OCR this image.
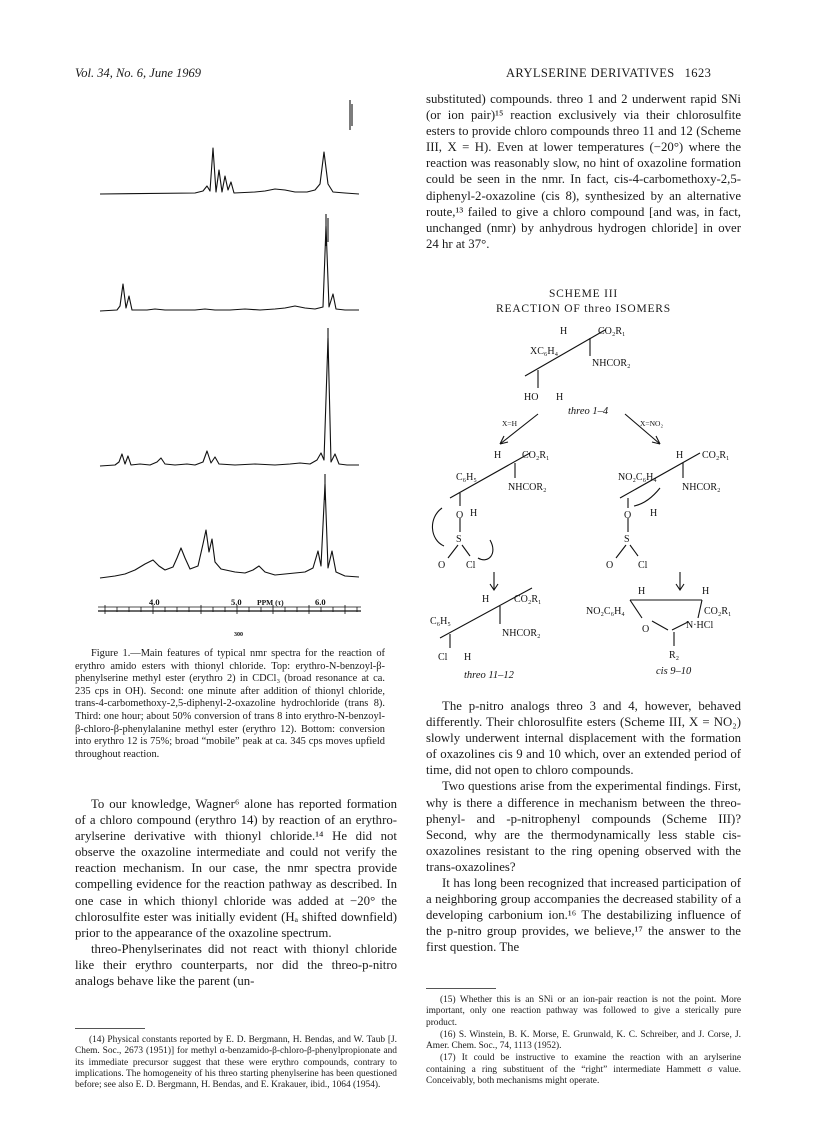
Vol. 34, No. 6, June 1969	ARYLSERINE DERIVATIVES 1623
4.0	5.0 PPM (τ)	6.0
300

Figure 1.—Main features of typical nmr spectra for the reaction of erythro amido esters with thionyl chloride. Top: erythro-N-benzoyl-β-phenylserine methyl ester (erythro 2) in CDCl₃ (broad resonance at ca. 235 cps in OH). Second: one minute after addition of thionyl chloride, trans-4-carbomethoxy-2,5-diphenyl-2-oxazoline hydrochloride (trans 8). Third: one hour; about 50% conversion of trans 8 into erythro-N-benzoyl-β-chloro-β-phenylalanine methyl ester (erythro 12). Bottom: conversion into erythro 12 is 75%; broad “mobile” peak at ca. 345 cps moves upfield throughout reaction.

To our knowledge, Wagner⁶ alone has reported formation of a chloro compound (erythro 14) by reaction of an erythro-arylserine derivative with thionyl chloride.¹⁴ He did not observe the oxazoline intermediate and could not verify the reaction mechanism. In our case, the nmr spectra provide compelling evidence for the reaction pathway as described. In one case in which thionyl chloride was added at −20° the chlorosulfite ester was initially evident (Hₐ shifted downfield) prior to the appearance of the oxazoline spectrum.

threo-Phenylserinates did not react with thionyl chloride like their erythro counterparts, nor did the threo-p-nitro analogs behave like the parent (un-

(14) Physical constants reported by E. D. Bergmann, H. Bendas, and W. Taub [J. Chem. Soc., 2673 (1951)] for methyl α-benzamido-β-chloro-β-phenylpropionate and its immediate precursor suggest that these were erythro compounds, contrary to implications. The homogeneity of his threo starting phenylserine has been questioned before; see also E. D. Bergmann, H. Bendas, and E. Krakauer, ibid., 1064 (1954).

substituted) compounds. threo 1 and 2 underwent rapid SNi (or ion pair)¹⁵ reaction exclusively via their chlorosulfite esters to provide chloro compounds threo 11 and 12 (Scheme III, X = H). Even at lower temperatures (−20°) where the reaction was reasonably slow, no hint of oxazoline formation could be seen in the nmr. In fact, cis-4-carbomethoxy-2,5-diphenyl-2-oxazoline (cis 8), synthesized by an alternative route,¹³ failed to give a chloro compound [and was, in fact, unchanged (nmr) by anhydrous hydrogen chloride] in over 24 hr at 37°.

SCHEME III
REACTION OF threo ISOMERS
H	CO₂R₁
XC₆H₄
NHCOR₂
HO H
threo 1–4
X=H	X=NO₂
H CO₂R₁
C₆H₅
NHCOR₂
H
O
S
O Cl
H CO₂R₁
NO₂C₆H₄
NHCOR₂
H
O
S
O Cl
H CO₂R₁
C₆H₅
NHCOR₂
Cl H
threo 11–12
H	H
NO₂C₆H₄	CO₂R₁
O	N·HCl
R₂
cis 9–10

The p-nitro analogs threo 3 and 4, however, behaved differently. Their chlorosulfite esters (Scheme III, X = NO₂) slowly underwent internal displacement with the formation of oxazolines cis 9 and 10 which, over an extended period of time, did not open to chloro compounds.

Two questions arise from the experimental findings. First, why is there a difference in mechanism between the threo-phenyl- and -p-nitrophenyl compounds (Scheme III)? Second, why are the thermodynamically less stable cis-oxazolines resistant to the ring opening observed with the trans-oxazolines?

It has long been recognized that increased participation of a neighboring group accompanies the decreased stability of a developing carbonium ion.¹⁶ The destabilizing influence of the p-nitro group provides, we believe,¹⁷ the answer to the first question. The

(15) Whether this is an SNi or an ion-pair reaction is not the point. More important, only one reaction pathway was followed to give a sterically pure product.

(16) S. Winstein, B. K. Morse, E. Grunwald, K. C. Schreiber, and J. Corse, J. Amer. Chem. Soc., 74, 1113 (1952).

(17) It could be instructive to examine the reaction with an arylserine containing a ring substituent of the “right” intermediate Hammett σ value. Conceivably, both mechanisms might operate.
